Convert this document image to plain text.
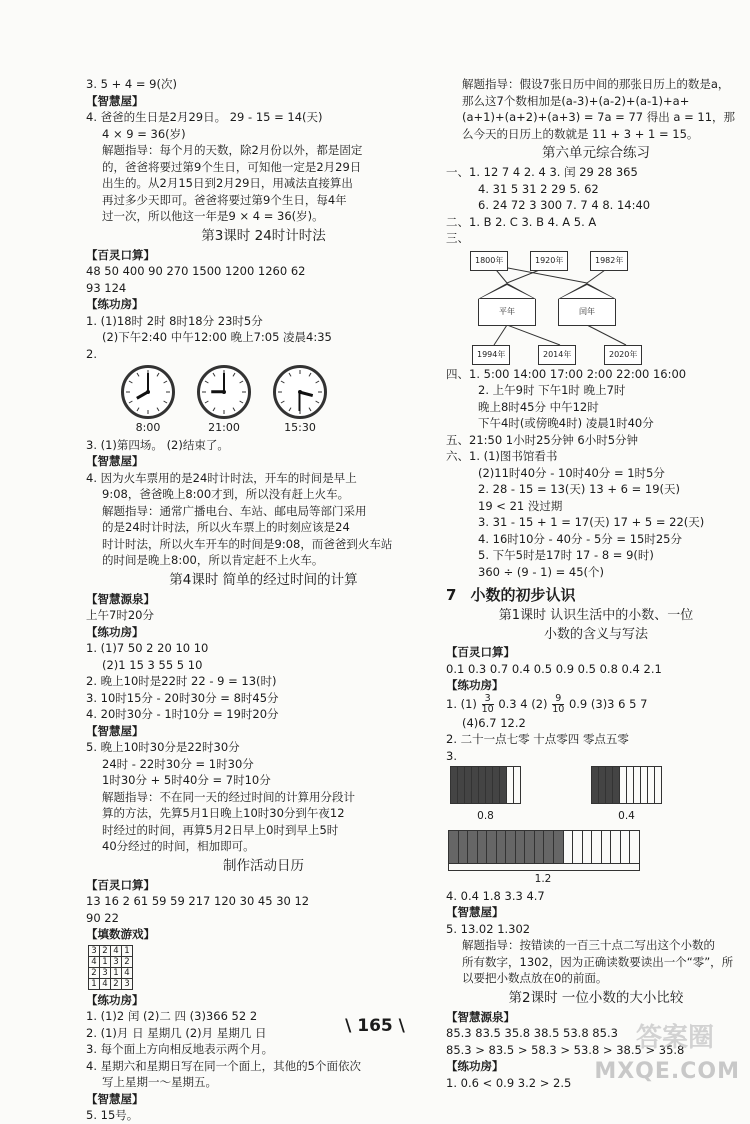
3. 5 + 4 = 9(次)
【智慧屋】
4. 爸爸的生日是2月29日。 29 - 15 = 14(天)
4 × 9 = 36(岁)
解题指导：每个月的天数，除2月份以外，都是固定
的，爸爸将要过第9个生日，可知他一定是2月29日
出生的。从2月15日到2月29日，用减法直接算出
再过多少天即可。爸爸将要过第9个生日，每4年
过一次，所以他这一年是9 × 4 = 36(岁)。
第3课时 24时计时法
【百灵口算】
48 50 400 90 270 1500 1200 1260 62
93 124
【练功房】
1. (1)18时 2时 8时18分 23时5分
(2)下午2:40 中午12:00 晚上7:05 凌晨4:35
2.
8:00	21:00	15:30
3. (1)第四场。 (2)结束了。
【智慧屋】
4. 因为火车票用的是24时计时法，开车的时间是早上
9:08，爸爸晚上8:00才到，所以没有赶上火车。
解题指导：通常广播电台、车站、邮电局等部门采用
的是24时计时法，所以火车票上的时刻应该是24
时计时法，所以火车开车的时间是9:08，而爸爸到火车站
的时间是晚上8:00，所以肯定赶不上火车。
第4课时 简单的经过时间的计算
【智慧源泉】
上午7时20分
【练功房】
1. (1)7 50 2 20 10 10
(2)1 15 3 55 5 10
2. 晚上10时是22时 22 - 9 = 13(时)
3. 10时15分 - 20时30分 = 8时45分
4. 20时30分 - 1时10分 = 19时20分
【智慧屋】
5. 晚上10时30分是22时30分
24时 - 22时30分 = 1时30分
1时30分 + 5时40分 = 7时10分
解题指导：不在同一天的经过时间的计算用分段计
算的方法，先算5月1日晚上10时30分到午夜12
时经过的时间，再算5月2日早上0时到早上5时
40分经过的时间，相加即可。
制作活动日历
【百灵口算】
13 16 2 61 59 59 217 120 30 45 30 12
90 22
【填数游戏】
3	2	4	1
4	1	3	2
2	3	1	4
1	4	2	3
【练功房】
1. (1)2 闰 (2)二 四 (3)366 52 2
2. (1)月 日 星期几 (2)月 星期几 日
3. 每个面上方向相反地表示两个月。
4. 星期六和星期日写在同一个面上，其他的5个面依次
写上星期一～星期五。
【智慧屋】
5. 15号。
解题指导：假设7张日历中间的那张日历上的数是a，
那么这7个数相加是(a-3)+(a-2)+(a-1)+a+
(a+1)+(a+2)+(a+3) = 7a = 77 得出 a = 11，那
么今天的日历上的数就是 11 + 3 + 1 = 15。
第六单元综合练习
一、1. 12 7 4 2. 4 3. 闰 29 28 365
4. 31 5 31 2 29 5. 62
6. 24 72 3 300 7. 7 4 8. 14:40
二、1. B 2. C 3. B 4. A 5. A
三、
1800年	1920年	1982年
平年	闰年
1994年	2014年	2020年
四、1. 5:00 14:00 17:00 2:00 22:00 16:00
2. 上午9时 下午1时 晚上7时
晚上8时45分 中午12时
下午4时(或傍晚4时) 凌晨1时40分
五、21:50 1小时25分钟 6小时5分钟
六、1. (1)图书馆看书
(2)11时40分 - 10时40分 = 1时5分
2. 28 - 15 = 13(天) 13 + 6 = 19(天)
19 < 21 没过期
3. 31 - 15 + 1 = 17(天) 17 + 5 = 22(天)
4. 16时10分 - 40分 - 5分 = 15时25分
5. 下午5时是17时 17 - 8 = 9(时)
360 ÷ (9 - 1) = 45(个)
7 小数的初步认识
第1课时 认识生活中的小数、一位
小数的含义与写法
【百灵口算】
0.1 0.3 0.7 0.4 0.5 0.9 0.5 0.8 0.4 2.1
【练功房】
1. $(1) \frac{3}{10} 0.3$ 4 $(2) \frac{9}{10} 0.9$ (3)3 6 5 7
(4)6.7 12.2
2. 二十一点七零 十点零四 零点五零
3.
0.8	0.4
1.2
4. 0.4 1.8 3.3 4.7
【智慧屋】
5. 13.02 1.302
解题指导：按错读的一百三十点二写出这个小数的
所有数字，1302，因为正确读数要读出一个“零”，所
以要把小数点放在0的前面。
第2课时 一位小数的大小比较
【智慧源泉】
85.3 83.5 35.8 38.5 53.8 85.3
85.3 > 83.5 > 58.3 > 53.8 > 38.5 > 35.8
【练功房】
1. 0.6 < 0.9 3.2 > 2.5
\ 165 \	答案圈
MXQE.COM
